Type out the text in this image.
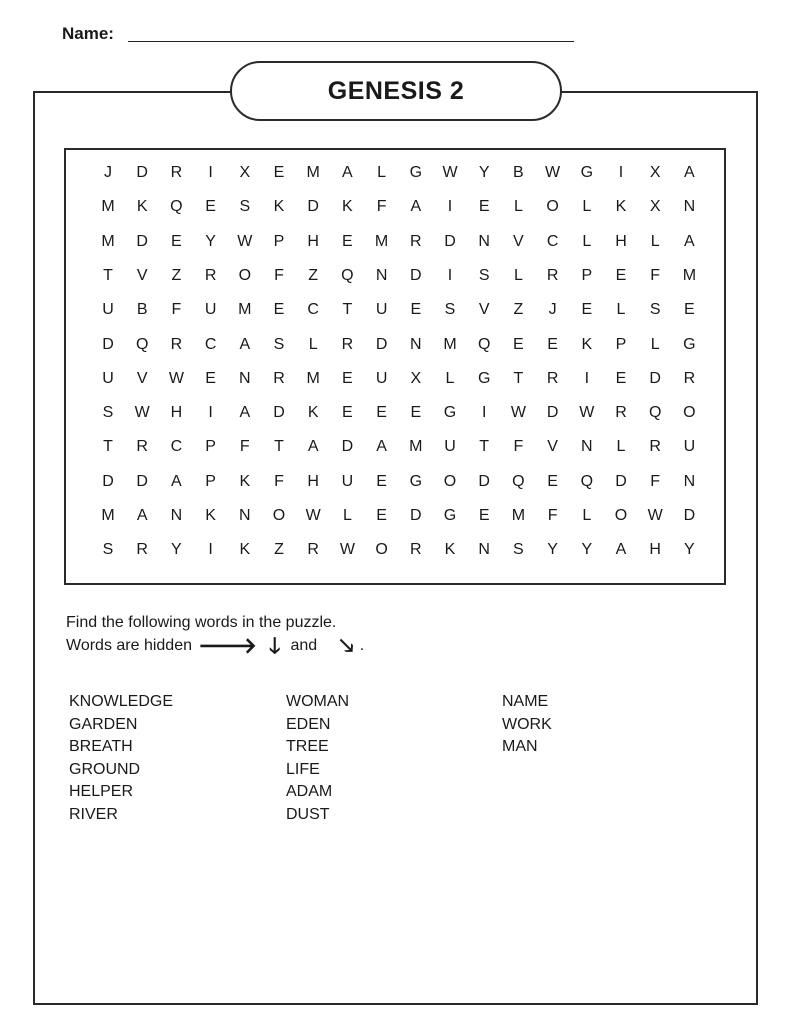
Name:
GENESIS 2
J	D	R	I	X	E	M	A	L	G	W	Y	B	W	G	I	X	A
M	K	Q	E	S	K	D	K	F	A	I	E	L	O	L	K	X	N
M	D	E	Y	W	P	H	E	M	R	D	N	V	C	L	H	L	A
T	V	Z	R	O	F	Z	Q	N	D	I	S	L	R	P	E	F	M
U	B	F	U	M	E	C	T	U	E	S	V	Z	J	E	L	S	E
D	Q	R	C	A	S	L	R	D	N	M	Q	E	E	K	P	L	G
U	V	W	E	N	R	M	E	U	X	L	G	T	R	I	E	D	R
S	W	H	I	A	D	K	E	E	E	G	I	W	D	W	R	Q	O
T	R	C	P	F	T	A	D	A	M	U	T	F	V	N	L	R	U
D	D	A	P	K	F	H	U	E	G	O	D	Q	E	Q	D	F	N
M	A	N	K	N	O	W	L	E	D	G	E	M	F	L	O	W	D
S	R	Y	I	K	Z	R	W	O	R	K	N	S	Y	Y	A	H	Y
Find the following words in the puzzle.
Words are hidden 🡒 🡓 and 🡖 .
KNOWLEDGE
GARDEN
BREATH
GROUND
HELPER
RIVER
WOMAN
EDEN
TREE
LIFE
ADAM
DUST
NAME
WORK
MAN
